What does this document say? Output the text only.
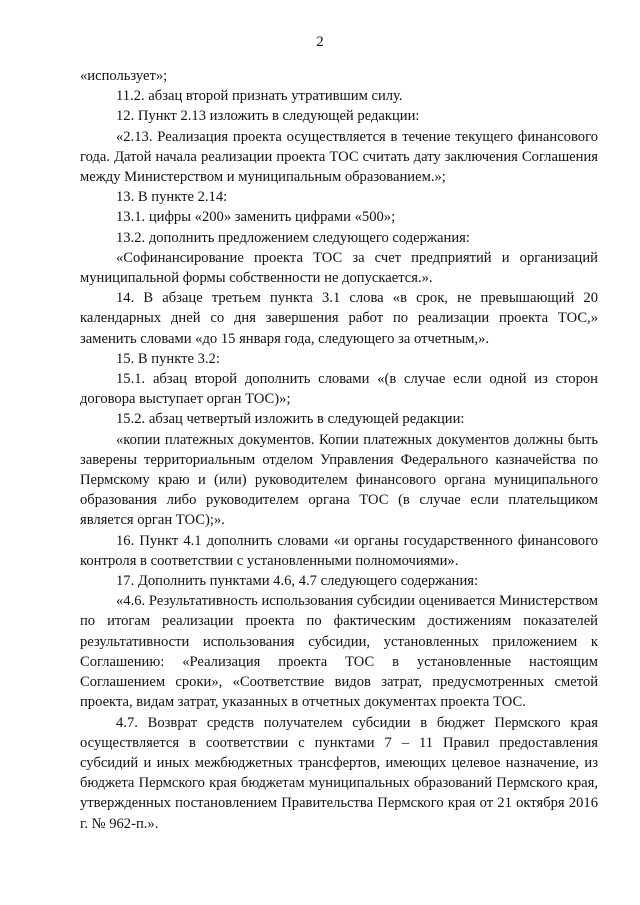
2

«использует»;

11.2. абзац второй признать утратившим силу.

12. Пункт 2.13 изложить в следующей редакции:

«2.13. Реализация проекта осуществляется в течение текущего финансового года. Датой начала реализации проекта ТОС считать дату заключения Соглашения между Министерством и муниципальным образованием.»;

13. В пункте 2.14:

13.1. цифры «200» заменить цифрами «500»;

13.2. дополнить предложением следующего содержания:

«Софинансирование проекта ТОС за счет предприятий и организаций муниципальной формы собственности не допускается.».

14. В абзаце третьем пункта 3.1 слова «в срок, не превышающий 20 календарных дней со дня завершения работ по реализации проекта ТОС,» заменить словами «до 15 января года, следующего за отчетным,».

15. В пункте 3.2:

15.1. абзац второй дополнить словами «(в случае если одной из сторон договора выступает орган ТОС)»;

15.2. абзац четвертый изложить в следующей редакции:

«копии платежных документов. Копии платежных документов должны быть заверены территориальным отделом Управления Федерального казначейства по Пермскому краю и (или) руководителем финансового органа муниципального образования либо руководителем органа ТОС (в случае если плательщиком является орган ТОС);».

16. Пункт 4.1 дополнить словами «и органы государственного финансового контроля в соответствии с установленными полномочиями».

17. Дополнить пунктами 4.6, 4.7 следующего содержания:

«4.6. Результативность использования субсидии оценивается Министерством по итогам реализации проекта по фактическим достижениям показателей результативности использования субсидии, установленных приложением к Соглашению: «Реализация проекта ТОС в установленные настоящим Соглашением сроки», «Соответствие видов затрат, предусмотренных сметой проекта, видам затрат, указанных в отчетных документах проекта ТОС.

4.7. Возврат средств получателем субсидии в бюджет Пермского края осуществляется в соответствии с пунктами 7 – 11 Правил предоставления субсидий и иных межбюджетных трансфертов, имеющих целевое назначение, из бюджета Пермского края бюджетам муниципальных образований Пермского края, утвержденных постановлением Правительства Пермского края от 21 октября 2016 г. № 962-п.».
